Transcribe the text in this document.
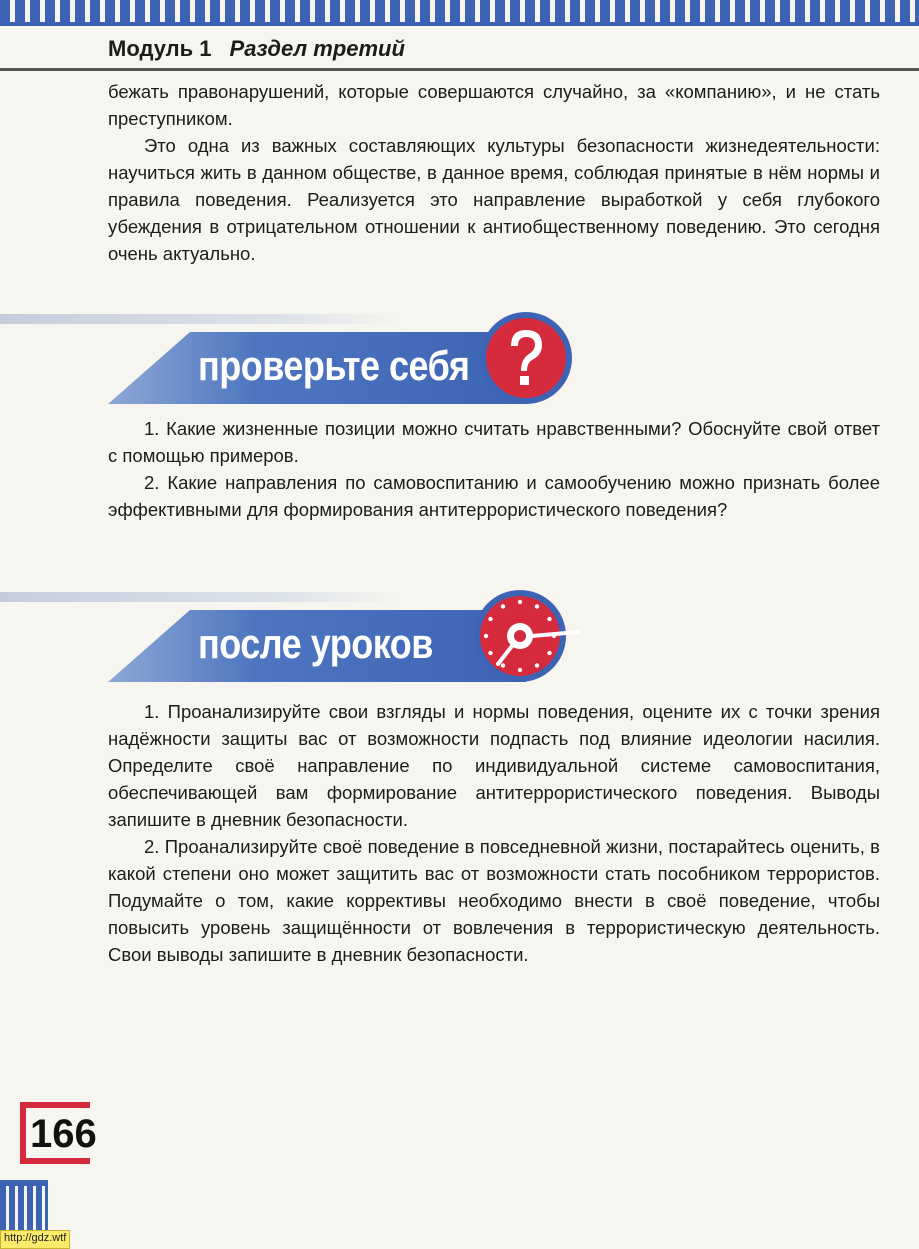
Модуль 1 Раздел третий

бежать правонарушений, которые совершаются случайно, за «компанию», и не стать преступником.

Это одна из важных составляющих культуры безопасности жизнедеятельности: научиться жить в данном обществе, в данное время, соблюдая принятые в нём нормы и правила поведения. Реализуется это направление выработкой у себя глубокого убеждения в отрицательном отношении к антиобщественному поведению. Это сегодня очень актуально.

проверьте себя

1. Какие жизненные позиции можно считать нравственными? Обоснуйте свой ответ с помощью примеров.

2. Какие направления по самовоспитанию и самообучению можно признать более эффективными для формирования антитеррористического поведения?

после уроков

1. Проанализируйте свои взгляды и нормы поведения, оцените их с точки зрения надёжности защиты вас от возможности подпасть под влияние идеологии насилия. Определите своё направление по индивидуальной системе самовоспитания, обеспечивающей вам формирование антитеррористического поведения. Выводы запишите в дневник безопасности.

2. Проанализируйте своё поведение в повседневной жизни, постарайтесь оценить, в какой степени оно может защитить вас от возможности стать пособником террористов. Подумайте о том, какие коррективы необходимо внести в своё поведение, чтобы повысить уровень защищённости от вовлечения в террористическую деятельность. Свои выводы запишите в дневник безопасности.

166
http://gdz.wtf
